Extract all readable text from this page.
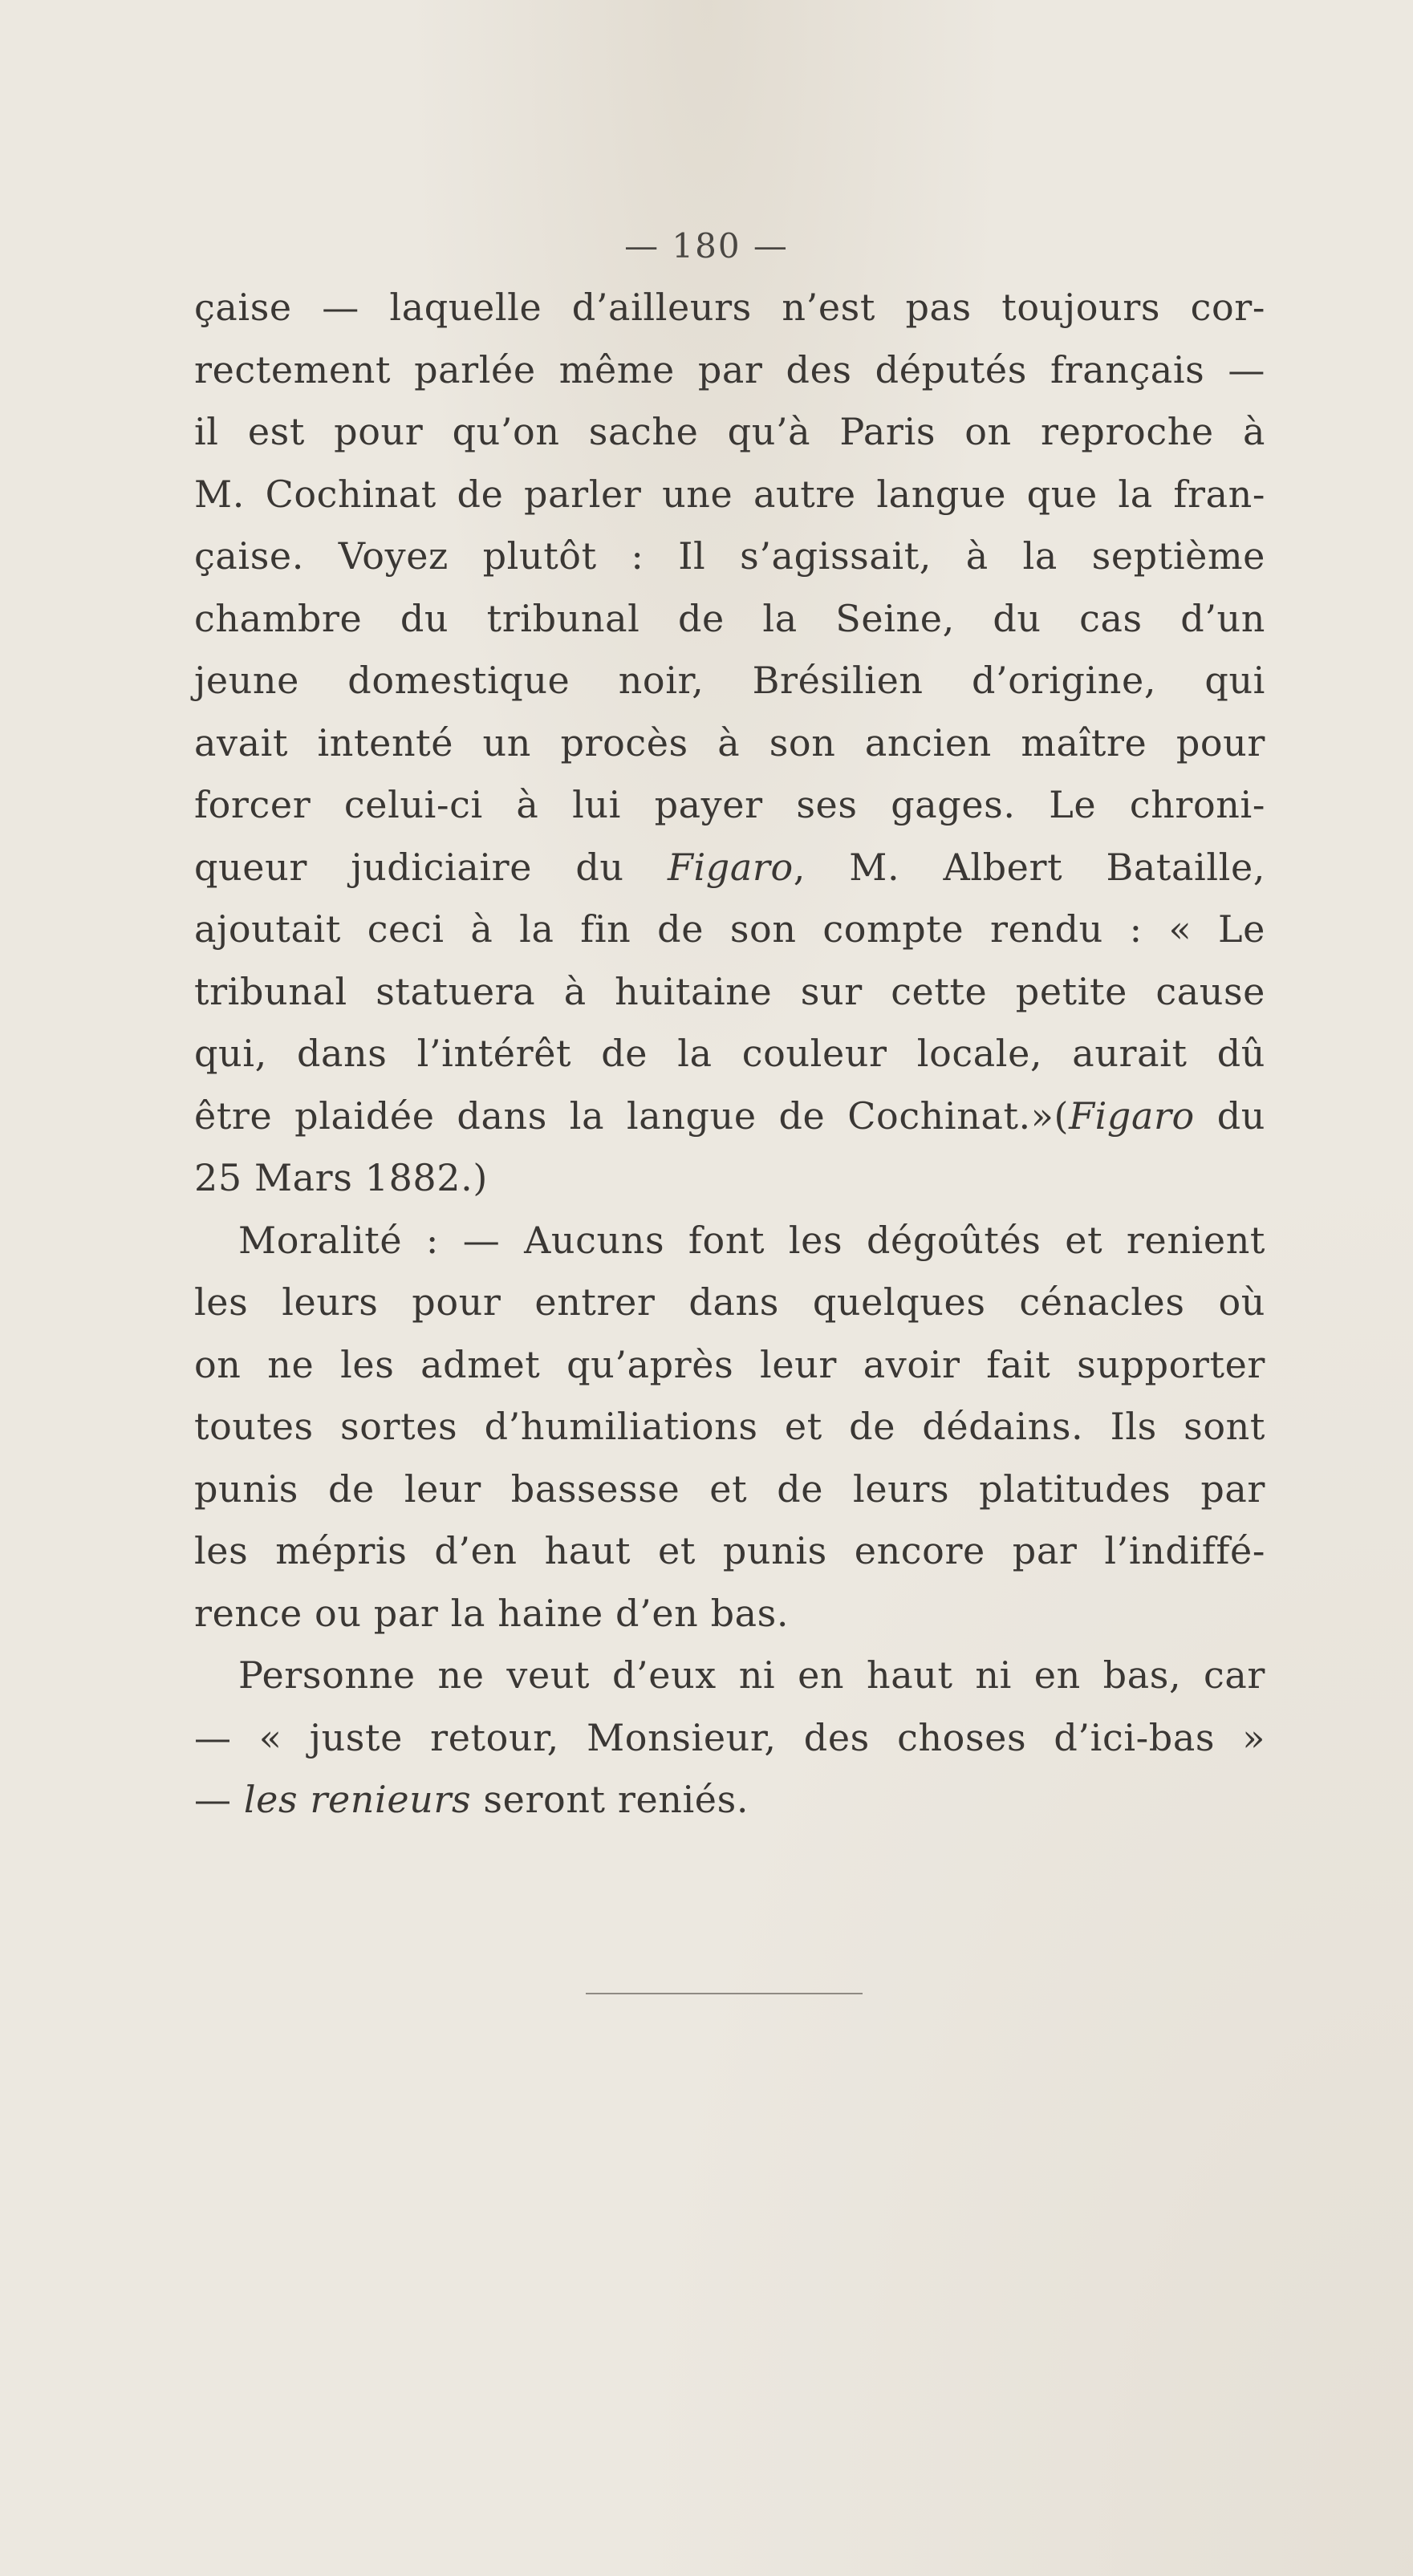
— 180 —
çaise — laquelle d’ailleurs n’est pas toujours cor-
rectement parlée même par des députés français —
il est pour qu’on sache qu’à Paris on reproche à
M. Cochinat de parler une autre langue que la fran-
çaise. Voyez plutôt : Il s’agissait, à la septième
chambre du tribunal de la Seine, du cas d’un
jeune domestique noir, Brésilien d’origine, qui
avait intenté un procès à son ancien maître pour
forcer celui-ci à lui payer ses gages. Le chroni-
queur judiciaire du Figaro, M. Albert Bataille,
ajoutait ceci à la fin de son compte rendu : « Le
tribunal statuera à huitaine sur cette petite cause
qui, dans l’intérêt de la couleur locale, aurait dû
être plaidée dans la langue de Cochinat.»(Figaro du
25 Mars 1882.)
Moralité : — Aucuns font les dégoûtés et renient
les leurs pour entrer dans quelques cénacles où
on ne les admet qu’après leur avoir fait supporter
toutes sortes d’humiliations et de dédains. Ils sont
punis de leur bassesse et de leurs platitudes par
les mépris d’en haut et punis encore par l’indiffé-
rence ou par la haine d’en bas.
Personne ne veut d’eux ni en haut ni en bas, car
— « juste retour, Monsieur, des choses d’ici-bas »
— les renieurs seront reniés.
